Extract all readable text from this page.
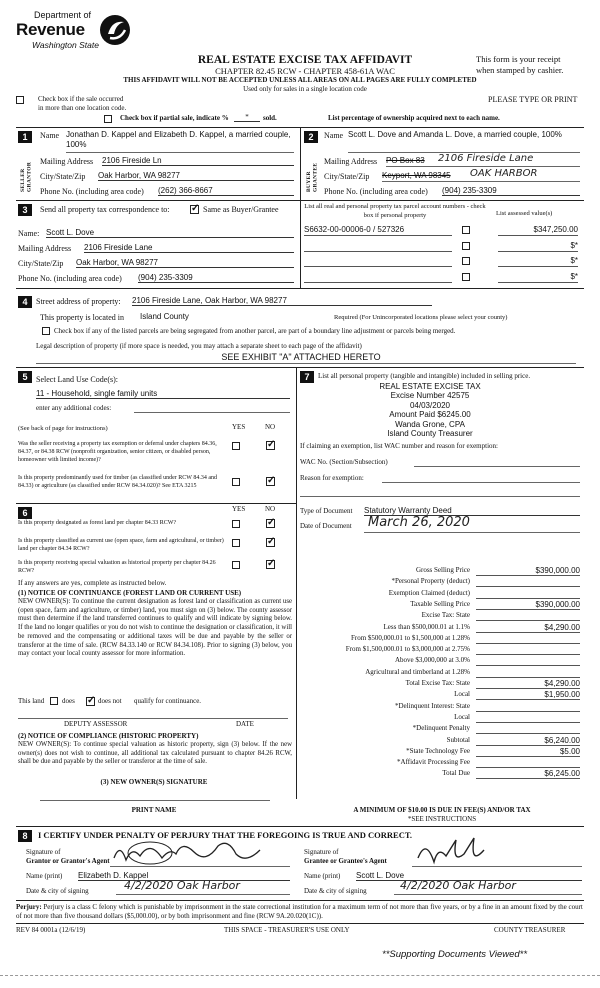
Department of
Revenue
Washington State
REAL ESTATE EXCISE TAX AFFIDAVIT
CHAPTER 82.45 RCW - CHAPTER 458-61A WAC
This form is your receipt
when stamped by cashier.
THIS AFFIDAVIT WILL NOT BE ACCEPTED UNLESS ALL AREAS ON ALL PAGES ARE FULLY COMPLETED
Used only for sales in a single location code
Check box if the sale occurred
in more than one location code.
PLEASE TYPE OR PRINT
Check box if partial sale, indicate %	*	sold.	List percentage of ownership acquired next to each name.
1
SELLER GRANTOR
Name Jonathan D. Kappel and Elizabeth D. Kappel, a married couple, 100%
Mailing Address 2106 Fireside Ln
City/State/Zip Oak Harbor, WA 98277
Phone No. (including area code) (262) 366-8667
2
BUYER GRANTEE
Name Scott L. Dove and Amanda L. Dove, a married couple, 100%
Mailing Address PO Box 83 2106 Fireside Lane
City/State/Zip Keyport, WA 98345 OAK HARBOR
Phone No. (including area code) (904) 235-3309
3	Send all property tax correspondence to: ✓	Same as Buyer/Grantee
Name: Scott L. Dove
Mailing Address 2106 Fireside Lane
City/State/Zip Oak Harbor, WA 98277
Phone No. (including area code) (904) 235-3309
List all real and personal property tax parcel account numbers - check box if personal property	List assessed value(s)
S6632-00-00006-0 / 527326	$347,250.00
$*
$*
$*
4	Street address of property: 2106 Fireside Lane, Oak Harbor, WA 98277
This property is located in Island County	Required (For Unincorporated locations please select your county)
Check box if any of the listed parcels are being segregated from another parcel, are part of a boundary line adjustment or parcels being merged.
Legal description of property (if more space is needed, you may attach a separate sheet to each page of the affidavit)
SEE EXHIBIT "A" ATTACHED HERETO
5	Select Land Use Code(s):
11 - Household, single family units
enter any additional codes:
(See back of page for instructions)	YES	NO
Was the seller receiving a property tax exemption or deferral under chapters 84.36, 84.37, or 84.38 RCW (nonprofit organization, senior citizen, or disabled person, homeowner with limited income)?
✓
Is this property predominantly used for timber (as classified under RCW 84.34 and 84.33) or agriculture (as classified under RCW 84.34.020)? See ETA 3215
✓
6	YES	NO
Is this property designated as forest land per chapter 84.33 RCW?
✓
Is this property classified as current use (open space, farm and agricultural, or timber) land per chapter 84.34 RCW?
✓
Is this property receiving special valuation as historical property per chapter 84.26 RCW?
✓
If any answers are yes, complete as instructed below.
(1) NOTICE OF CONTINUANCE (FOREST LAND OR CURRENT USE)
NEW OWNER(S): To continue the current designation as forest land or classification as current use (open space, farm and agriculture, or timber) land, you must sign on (3) below. The county assessor must then determine if the land transferred continues to qualify and will indicate by signing below. If the land no longer qualifies or you do not wish to continue the designation or classification, it will be removed and the compensating or additional taxes will be due and payable by the seller or transferor at the time of sale. (RCW 84.33.140 or RCW 84.34.108). Prior to signing (3) below, you may contact your local county assessor for more information.
This land	does ✓	does not qualify for continuance.
DEPUTY ASSESSOR	DATE
(2) NOTICE OF COMPLIANCE (HISTORIC PROPERTY)
NEW OWNER(S): To continue special valuation as historic property, sign (3) below. If the new owner(s) does not wish to continue, all additional tax calculated pursuant to chapter 84.26 RCW, shall be due and payable by the seller or transferor at the time of sale.
(3) NEW OWNER(S) SIGNATURE
PRINT NAME
7	List all personal property (tangible and intangible) included in selling price.
REAL ESTATE EXCISE TAX
Excise Number 42575
04/03/2020
Amount Paid $6245.00
Wanda Grone, CPA
Island County Treasurer
If claiming an exemption, list WAC number and reason for exemption:
WAC No. (Section/Subsection)
Reason for exemption:
Type of Document Statutory Warranty Deed
Date of Document March 26, 2020
Gross Selling Price	$390,000.00
*Personal Property (deduct)
Exemption Claimed (deduct)
Taxable Selling Price	$390,000.00
Excise Tax: State
Less than $500,000.01 at 1.1%	$4,290.00
From $500,000.01 to $1,500,000 at 1.28%
From $1,500,000.01 to $3,000,000 at 2.75%
Above $3,000,000 at 3.0%
Agricultural and timberland at 1.28%
Total Excise Tax: State	$4,290.00
Local	$1,950.00
*Delinquent Interest: State
Local
*Delinquent Penalty
Subtotal	$6,240.00
*State Technology Fee	$5.00
*Affidavit Processing Fee
Total Due	$6,245.00
A MINIMUM OF $10.00 IS DUE IN FEE(S) AND/OR TAX
*SEE INSTRUCTIONS
8	I CERTIFY UNDER PENALTY OF PERJURY THAT THE FOREGOING IS TRUE AND CORRECT.
Signature of
Grantor or Grantor's Agent
Name (print) Elizabeth D. Kappel
Date & city of signing	4/2/2020 Oak Harbor
Signature of
Grantee or Grantee's Agent
Name (print) Scott L. Dove
Date & city of signing	4/2/2020 Oak Harbor
Perjury: Perjury is a class C felony which is punishable by imprisonment in the state correctional institution for a maximum term of not more than five years, or by a fine in an amount fixed by the court of not more than five thousand dollars ($5,000.00), or by both imprisonment and fine (RCW 9A.20.020(1C)).
REV 84 0001a (12/6/19)	THIS SPACE - TREASURER'S USE ONLY	COUNTY TREASURER
**Supporting Documents Viewed**
